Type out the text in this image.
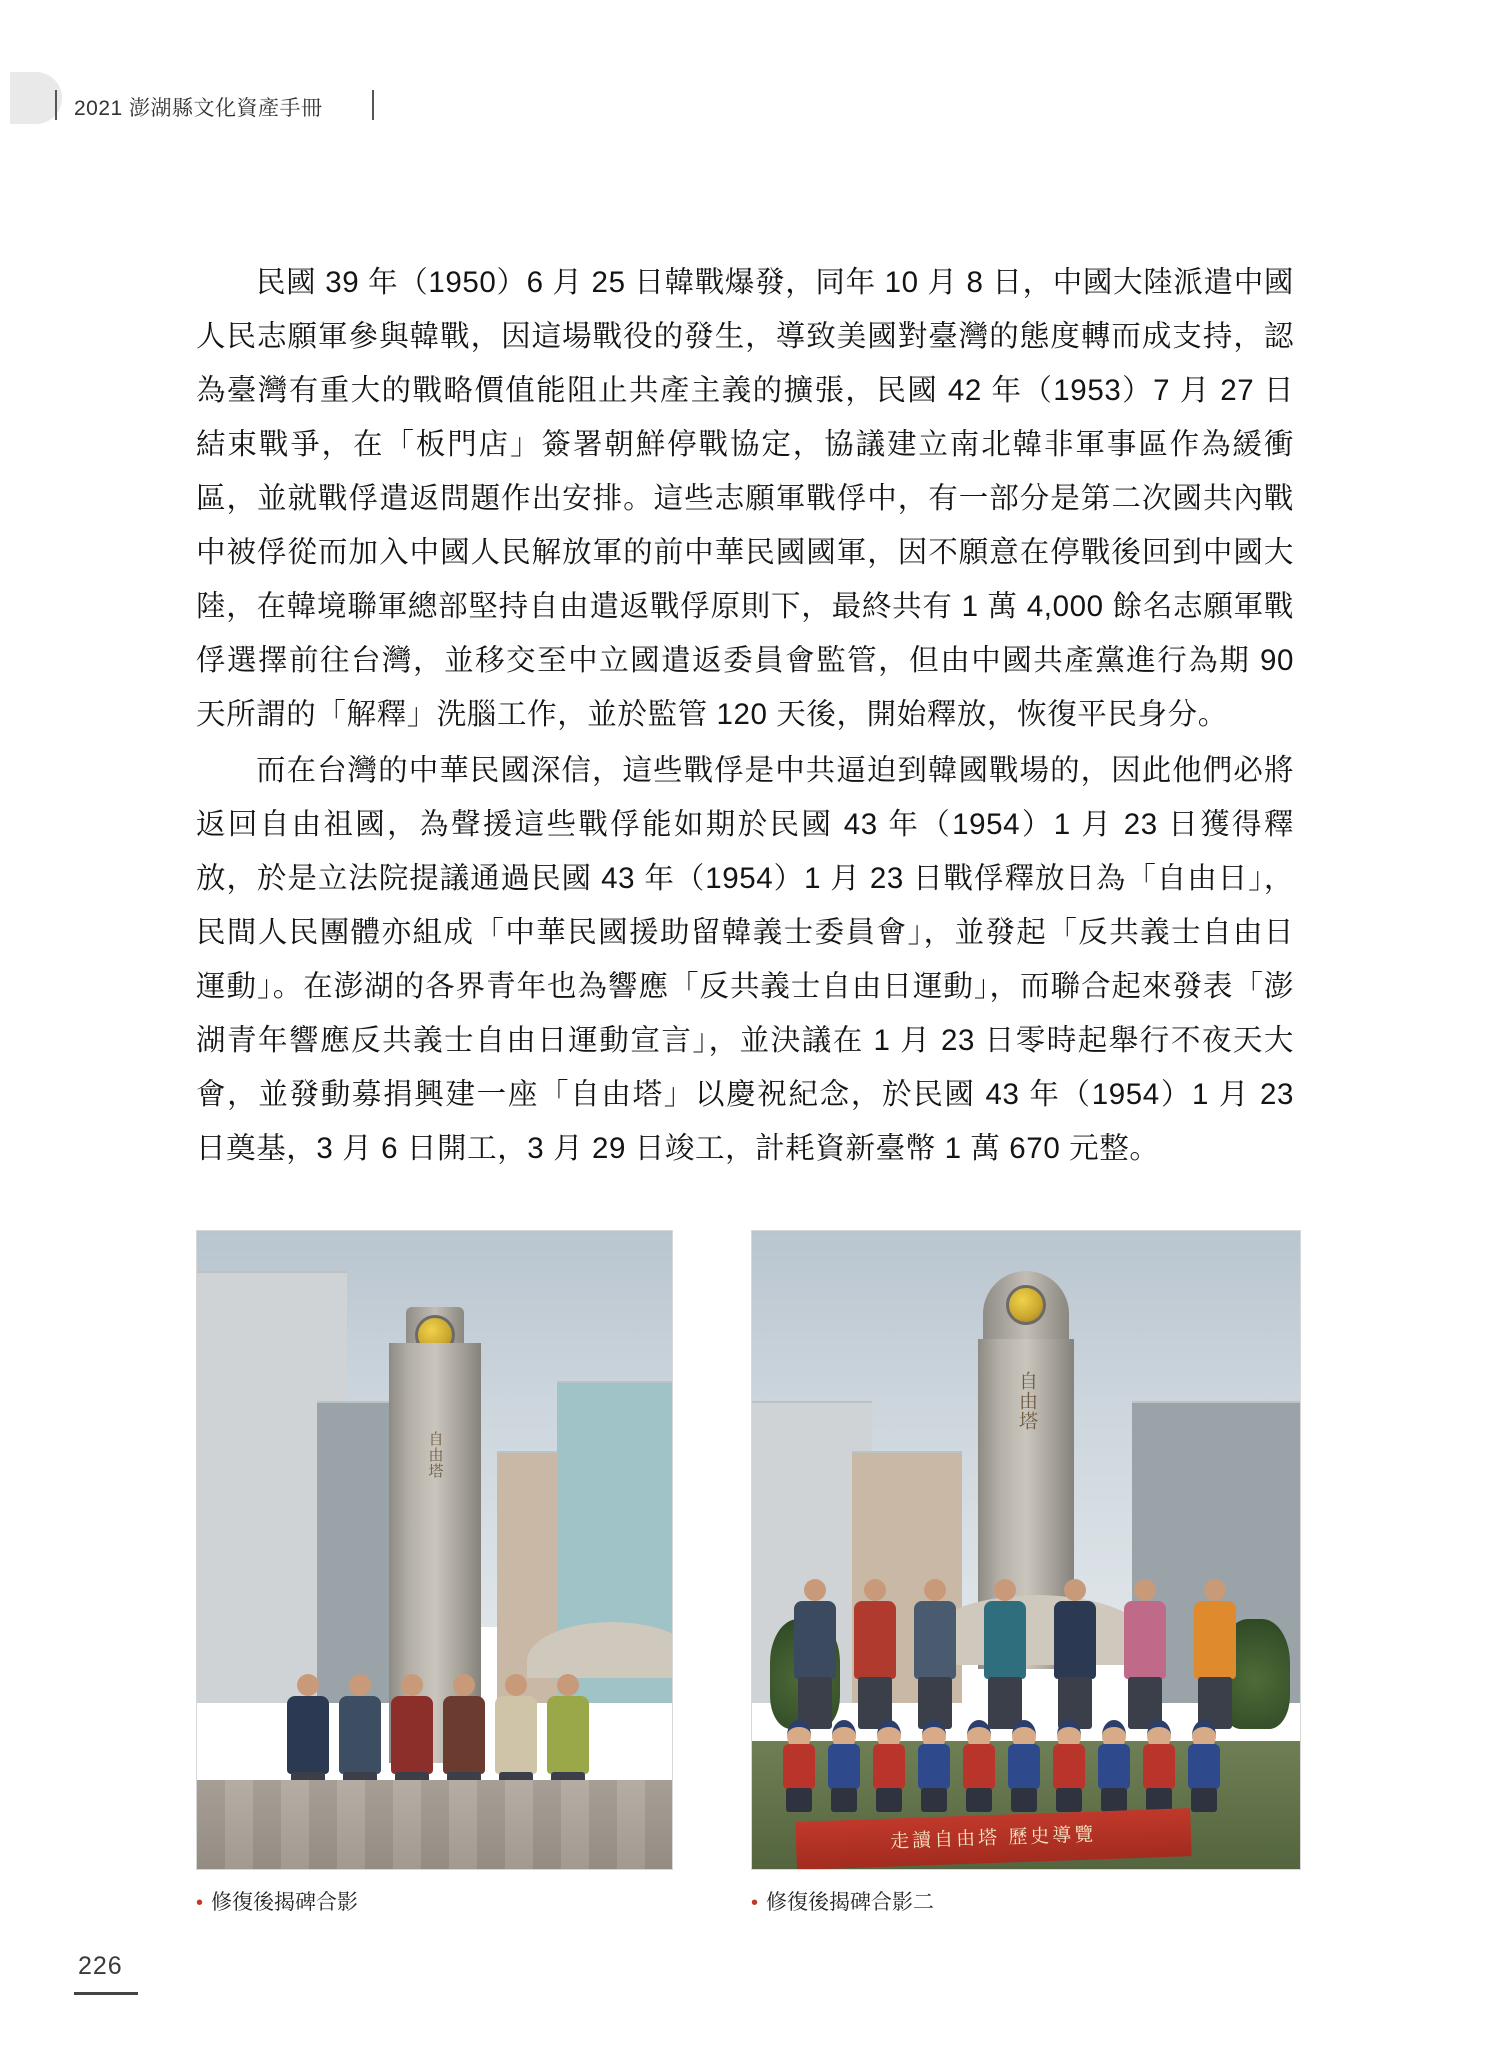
2021 澎湖縣文化資產手冊

民國 39 年（1950）6 月 25 日韓戰爆發，同年 10 月 8 日，中國大陸派遣中國人民志願軍參與韓戰，因這場戰役的發生，導致美國對臺灣的態度轉而成支持，認為臺灣有重大的戰略價值能阻止共產主義的擴張，民國 42 年（1953）7 月 27 日結束戰爭，在「板門店」簽署朝鮮停戰協定，協議建立南北韓非軍事區作為緩衝區，並就戰俘遣返問題作出安排。這些志願軍戰俘中，有一部分是第二次國共內戰中被俘從而加入中國人民解放軍的前中華民國國軍，因不願意在停戰後回到中國大陸，在韓境聯軍總部堅持自由遣返戰俘原則下，最終共有 1 萬 4,000 餘名志願軍戰俘選擇前往台灣，並移交至中立國遣返委員會監管，但由中國共產黨進行為期 90 天所謂的「解釋」洗腦工作，並於監管 120 天後，開始釋放，恢復平民身分。

而在台灣的中華民國深信，這些戰俘是中共逼迫到韓國戰場的，因此他們必將返回自由祖國，為聲援這些戰俘能如期於民國 43 年（1954）1 月 23 日獲得釋放，於是立法院提議通過民國 43 年（1954）1 月 23 日戰俘釋放日為「自由日」，民間人民團體亦組成「中華民國援助留韓義士委員會」，並發起「反共義士自由日運動」。在澎湖的各界青年也為響應「反共義士自由日運動」，而聯合起來發表「澎湖青年響應反共義士自由日運動宣言」，並決議在 1 月 23 日零時起舉行不夜天大會，並發動募捐興建一座「自由塔」以慶祝紀念，於民國 43 年（1954）1 月 23 日奠基，3 月 6 日開工，3 月 29 日竣工，計耗資新臺幣 1 萬 670 元整。

自由塔
• 修復後揭碑合影
自由塔
走讀自由塔 歷史導覽
• 修復後揭碑合影二
226
